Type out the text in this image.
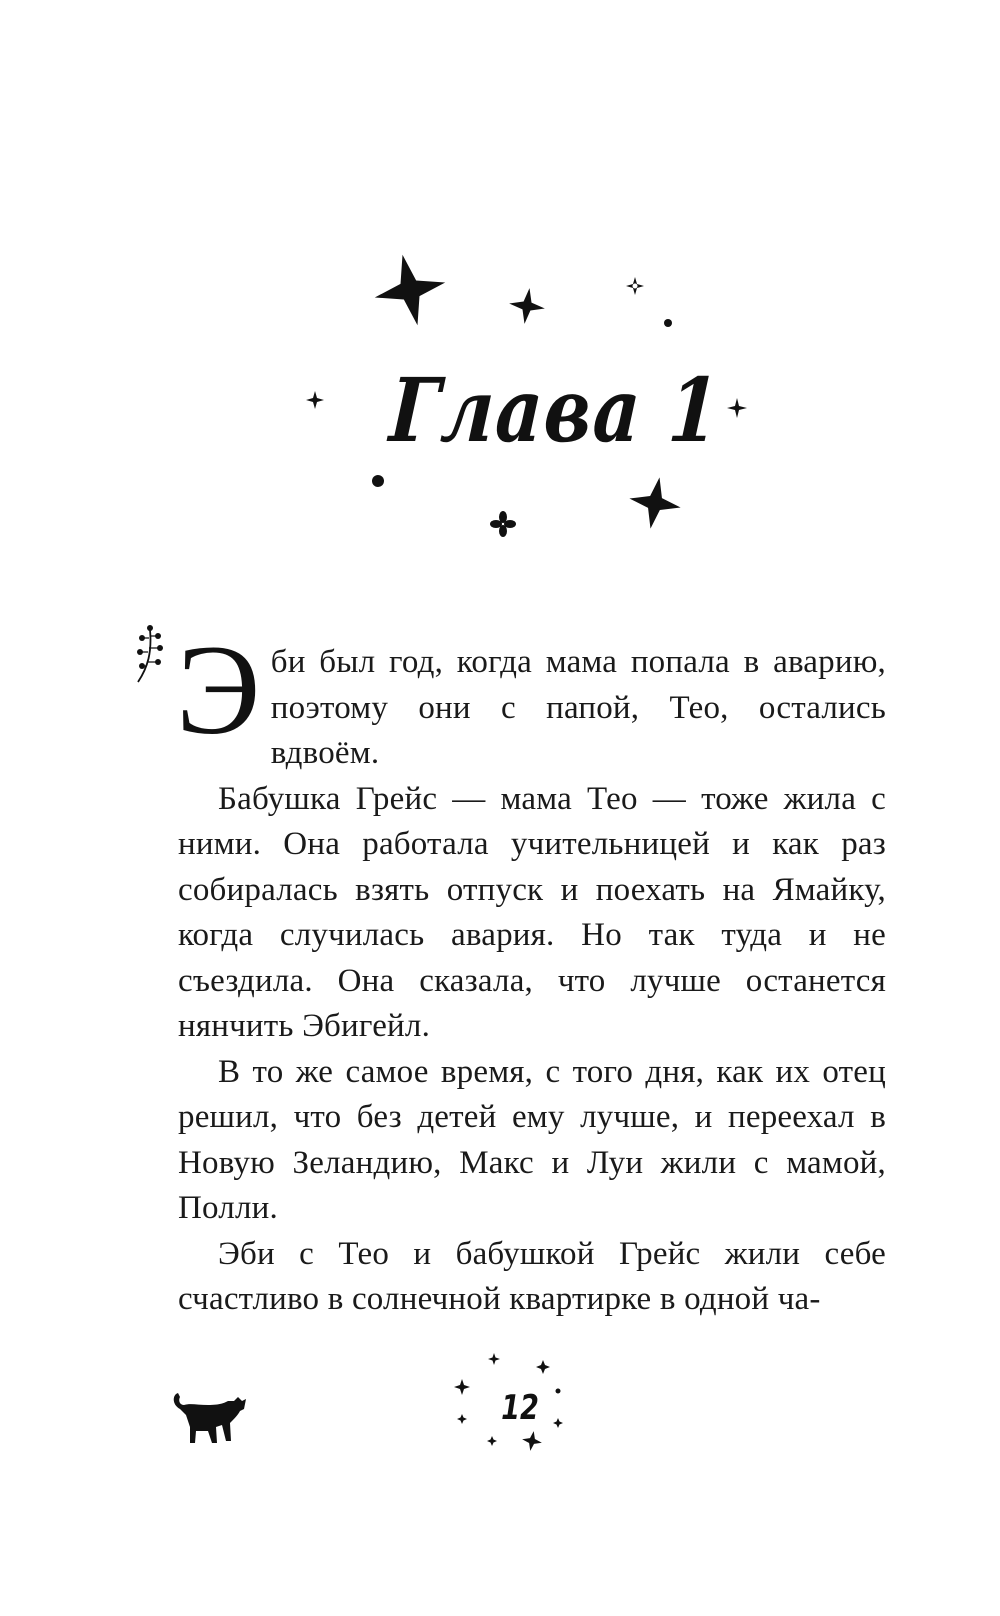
Глава 1

Эби был год, когда мама попала в аварию, поэтому они с папой, Тео, остались вдвоём.

Бабушка Грейс — мама Тео — тоже жила с ними. Она работала учительницей и как раз собиралась взять отпуск и поехать на Ямайку, когда случилась авария. Но так туда и не съездила. Она сказала, что лучше останется нянчить Эбигейл.

В то же самое время, с того дня, как их отец решил, что без детей ему лучше, и переехал в Новую Зеландию, Макс и Луи жили с мамой, Полли.

Эби с Тео и бабушкой Грейс жили себе счастливо в солнечной квартирке в одной ча-

12
